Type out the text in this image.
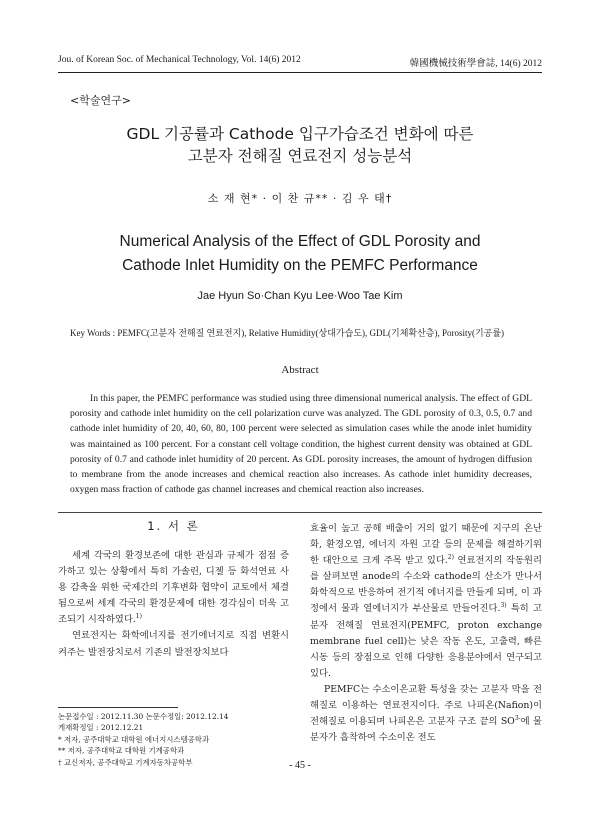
Jou. of Korean Soc. of Mechanical Technology, Vol. 14(6) 2012	韓國機械技術學會誌, 14(6) 2012
<학술연구>
GDL 기공률과 Cathode 입구가습조건 변화에 따른
고분자 전해질 연료전지 성능분석
소 재 현* · 이 찬 규** · 김 우 태†
Numerical Analysis of the Effect of GDL Porosity and
Cathode Inlet Humidity on the PEMFC Performance
Jae Hyun So·Chan Kyu Lee·Woo Tae Kim
Key Words : PEMFC(고분자 전해질 연료전지), Relative Humidity(상대가습도), GDL(기체확산층), Porosity(기공률)
Abstract

In this paper, the PEMFC performance was studied using three dimensional numerical analysis. The effect of GDL porosity and cathode inlet humidity on the cell polarization curve was analyzed. The GDL porosity of 0.3, 0.5, 0.7 and cathode inlet humidity of 20, 40, 60, 80, 100 percent were selected as simulation cases while the anode inlet humidity was maintained as 100 percent. For a constant cell voltage condition, the highest current density was obtained at GDL porosity of 0.7 and cathode inlet humidity of 20 percent. As GDL porosity increases, the amount of hydrogen diffusion to membrane from the anode increases and chemical reaction also increases. As cathode inlet humidity decreases, oxygen mass fraction of cathode gas channel increases and chemical reaction also increases.

1. 서 론

세계 각국의 환경보존에 대한 관심과 규제가 점점 증가하고 있는 상황에서 특히 가솔린, 디젤 등 화석연료 사용 감축을 위한 국제간의 기후변화 협약이 교토에서 체결됨으로써 세계 각국의 환경문제에 대한 경각심이 더욱 고조되기 시작하였다.$^{1)}$

연료전지는 화학에너지를 전기에너지로 직접 변환시켜주는 발전장치로서 기존의 발전장치보다

논문접수일 : 2012.11.30 논문수정일: 2012.12.14
게재확정일 : 2012.12.21
* 저자, 공주대학교 대학원 에너지시스템공학과
** 저자, 공주대학교 대학원 기계공학과
† 교신저자, 공주대학교 기계자동차공학부

효율이 높고 공해 배출이 거의 없기 때문에 지구의 온난화, 환경오염, 에너지 자원 고갈 등의 문제를 해결하기위한 대안으로 크게 주목 받고 있다.$^{2)}$ 연료전지의 작동원리를 살펴보면 anode의 수소와 cathode의 산소가 만나서 화학적으로 반응하여 전기적 에너지를 만들게 되며, 이 과정에서 물과 열에너지가 부산물로 만들어진다.$^{3)}$ 특히 고분자 전해질 연료전지(PEMFC, proton exchange membrane fuel cell)는 낮은 작동 온도, 고출력, 빠른 시동 등의 장점으로 인해 다양한 응용분야에서 연구되고 있다.

PEMFC는 수소이온교환 특성을 갖는 고분자 막을 전해질로 이용하는 연료전지이다. 주로 나피온(Nafion)이 전해질로 이용되며 나피온은 고분자 구조 끝의 $SO^{3-}$에 물분자가 흡착하여 수소이온 전도

- 45 -
